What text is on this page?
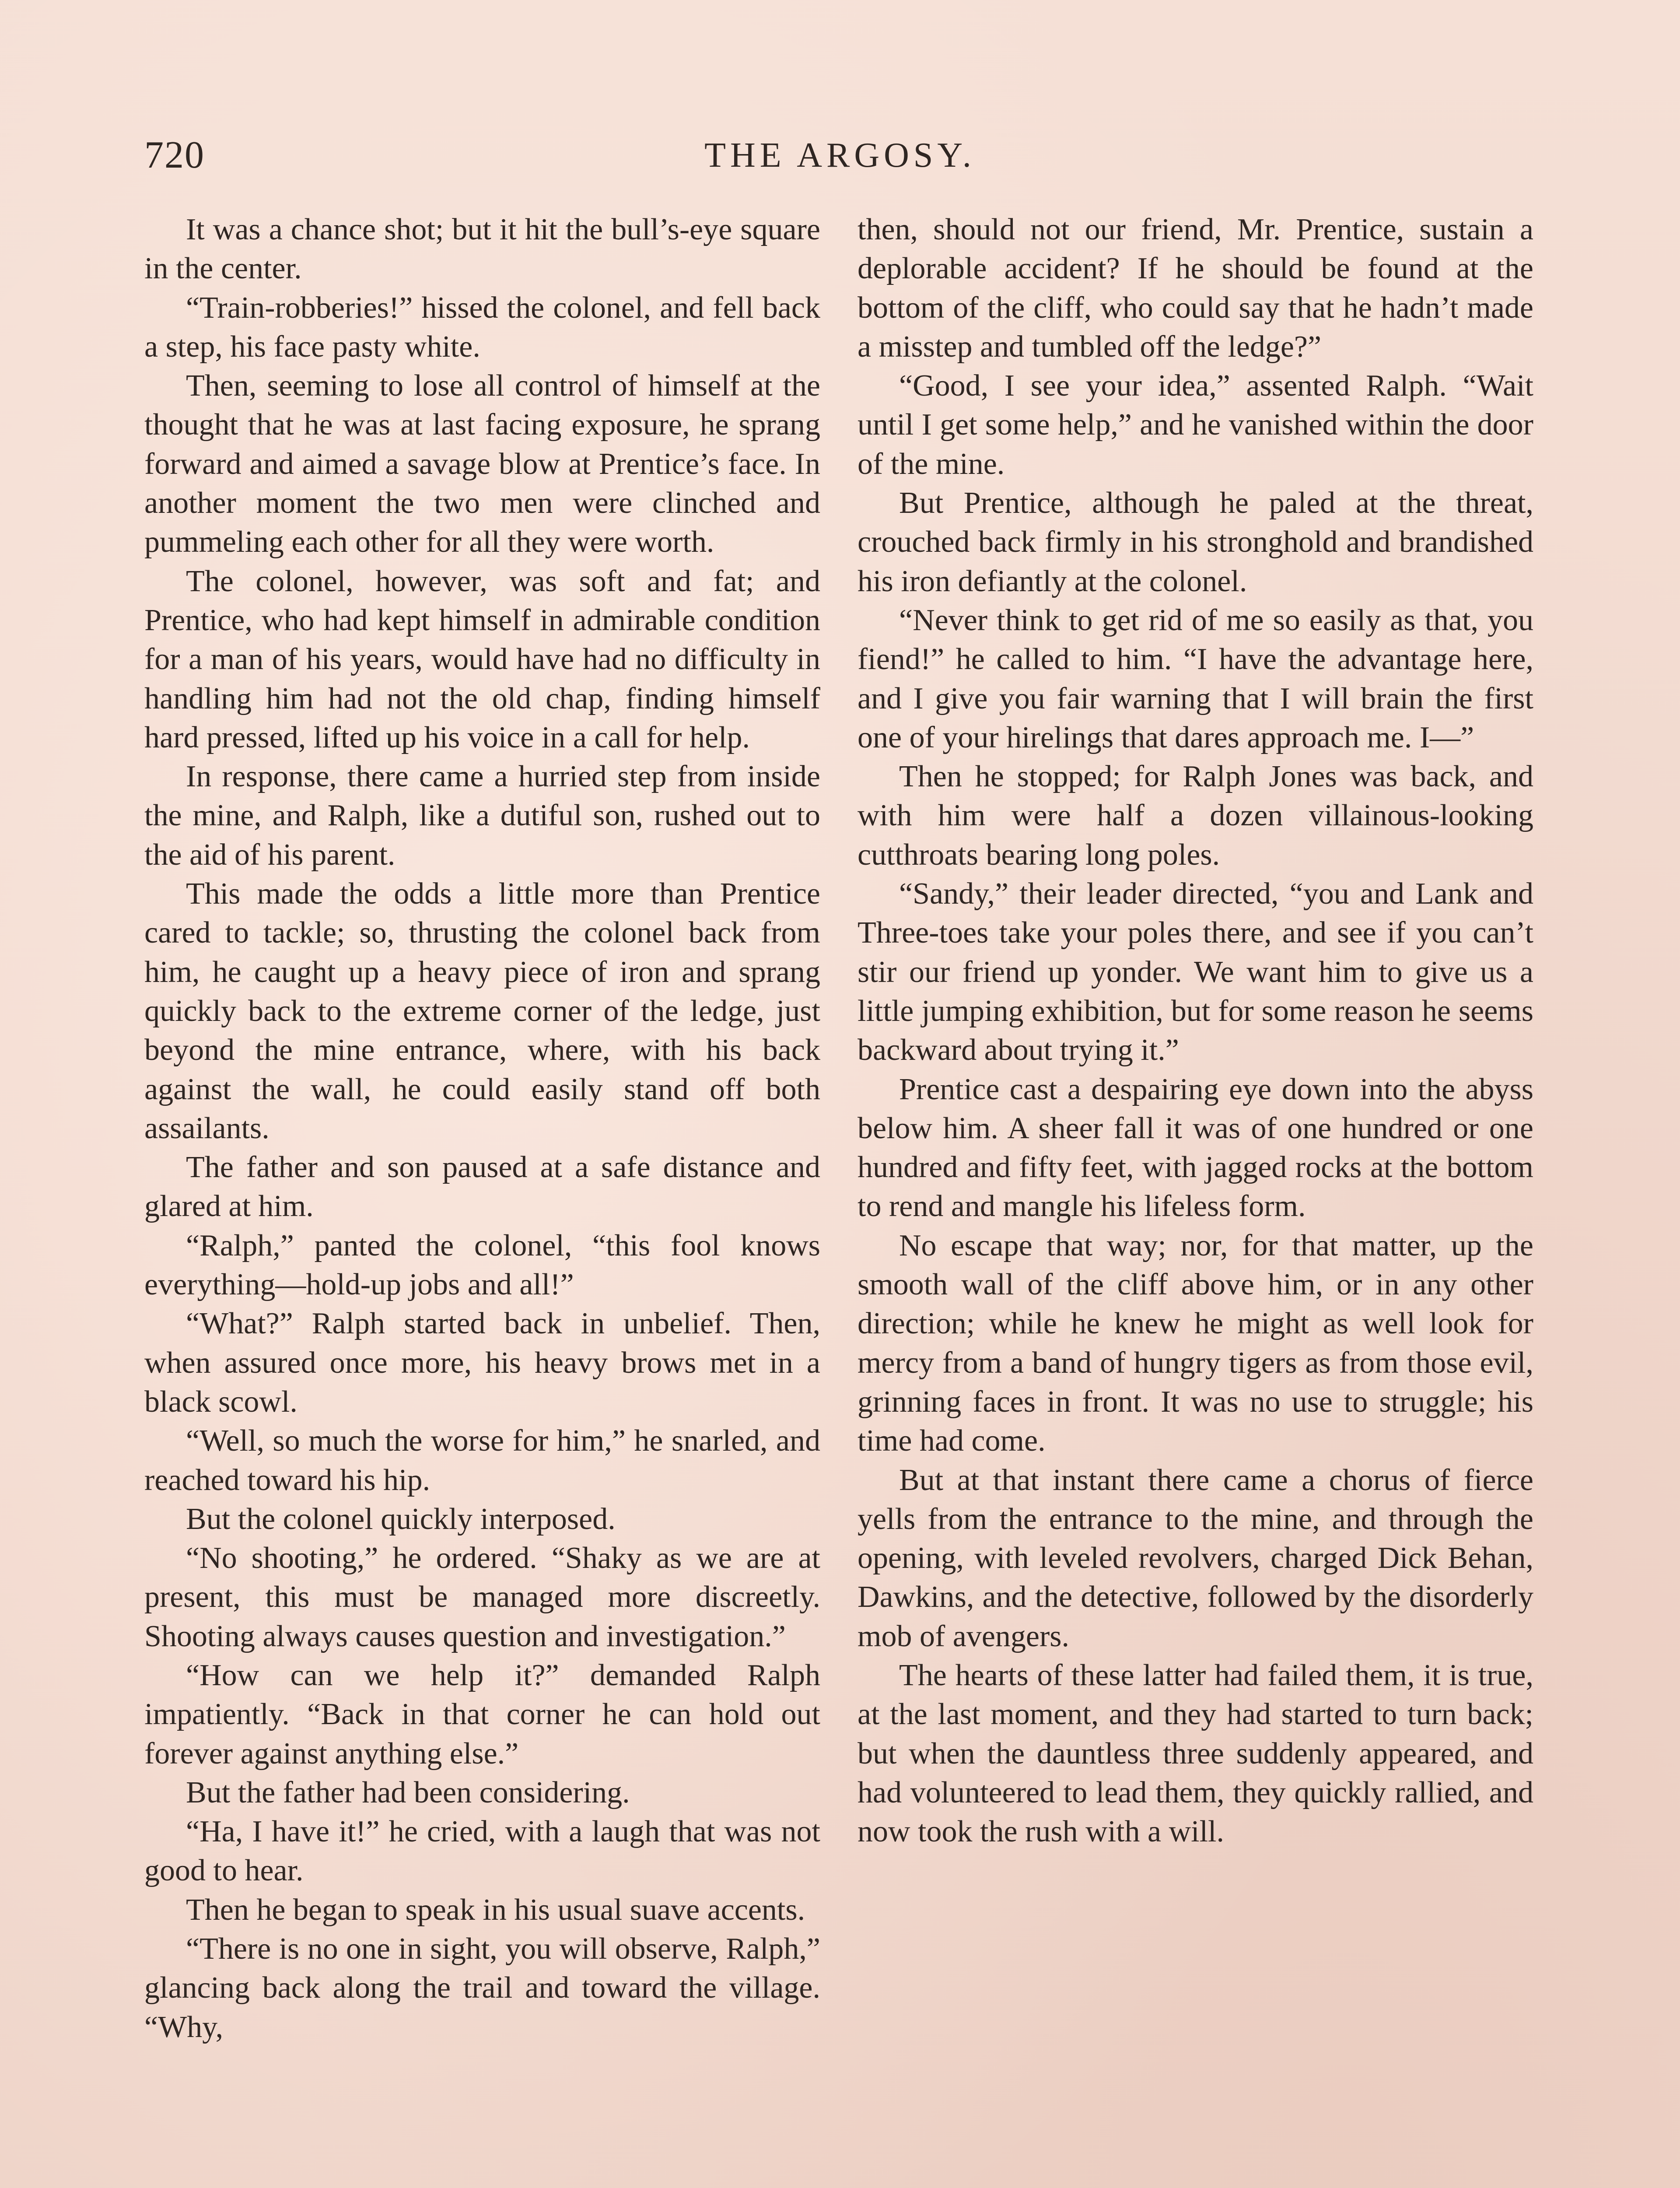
THE ARGOSY.
720

It was a chance shot; but it hit the bull’s-eye square in the center.

“Train-robberies!” hissed the colonel, and fell back a step, his face pasty white.

Then, seeming to lose all control of himself at the thought that he was at last facing exposure, he sprang forward and aimed a savage blow at Prentice’s face. In another moment the two men were clinched and pummeling each other for all they were worth.

The colonel, however, was soft and fat; and Prentice, who had kept himself in admirable condition for a man of his years, would have had no difficulty in handling him had not the old chap, finding himself hard pressed, lifted up his voice in a call for help.

In response, there came a hurried step from inside the mine, and Ralph, like a dutiful son, rushed out to the aid of his parent.

This made the odds a little more than Prentice cared to tackle; so, thrusting the colonel back from him, he caught up a heavy piece of iron and sprang quickly back to the extreme corner of the ledge, just beyond the mine entrance, where, with his back against the wall, he could easily stand off both assailants.

The father and son paused at a safe distance and glared at him.

“Ralph,” panted the colonel, “this fool knows everything—hold-up jobs and all!”

“What?” Ralph started back in unbelief. Then, when assured once more, his heavy brows met in a black scowl.

“Well, so much the worse for him,” he snarled, and reached toward his hip.

But the colonel quickly interposed.

“No shooting,” he ordered. “Shaky as we are at present, this must be managed more discreetly. Shooting always causes question and investigation.”

“How can we help it?” demanded Ralph impatiently. “Back in that corner he can hold out forever against anything else.”

But the father had been considering.

“Ha, I have it!” he cried, with a laugh that was not good to hear.

Then he began to speak in his usual suave accents.

“There is no one in sight, you will observe, Ralph,” glancing back along the trail and toward the village. “Why,

then, should not our friend, Mr. Prentice, sustain a deplorable accident? If he should be found at the bottom of the cliff, who could say that he hadn’t made a misstep and tumbled off the ledge?”

“Good, I see your idea,” assented Ralph. “Wait until I get some help,” and he vanished within the door of the mine.

But Prentice, although he paled at the threat, crouched back firmly in his stronghold and brandished his iron defiantly at the colonel.

“Never think to get rid of me so easily as that, you fiend!” he called to him. “I have the advantage here, and I give you fair warning that I will brain the first one of your hirelings that dares approach me. I—”

Then he stopped; for Ralph Jones was back, and with him were half a dozen villainous-looking cutthroats bearing long poles.

“Sandy,” their leader directed, “you and Lank and Three-toes take your poles there, and see if you can’t stir our friend up yonder. We want him to give us a little jumping exhibition, but for some reason he seems backward about trying it.”

Prentice cast a despairing eye down into the abyss below him. A sheer fall it was of one hundred or one hundred and fifty feet, with jagged rocks at the bottom to rend and mangle his lifeless form.

No escape that way; nor, for that matter, up the smooth wall of the cliff above him, or in any other direction; while he knew he might as well look for mercy from a band of hungry tigers as from those evil, grinning faces in front. It was no use to struggle; his time had come.

But at that instant there came a chorus of fierce yells from the entrance to the mine, and through the opening, with leveled revolvers, charged Dick Behan, Dawkins, and the detective, followed by the disorderly mob of avengers.

The hearts of these latter had failed them, it is true, at the last moment, and they had started to turn back; but when the dauntless three suddenly appeared, and had volunteered to lead them, they quickly rallied, and now took the rush with a will.
